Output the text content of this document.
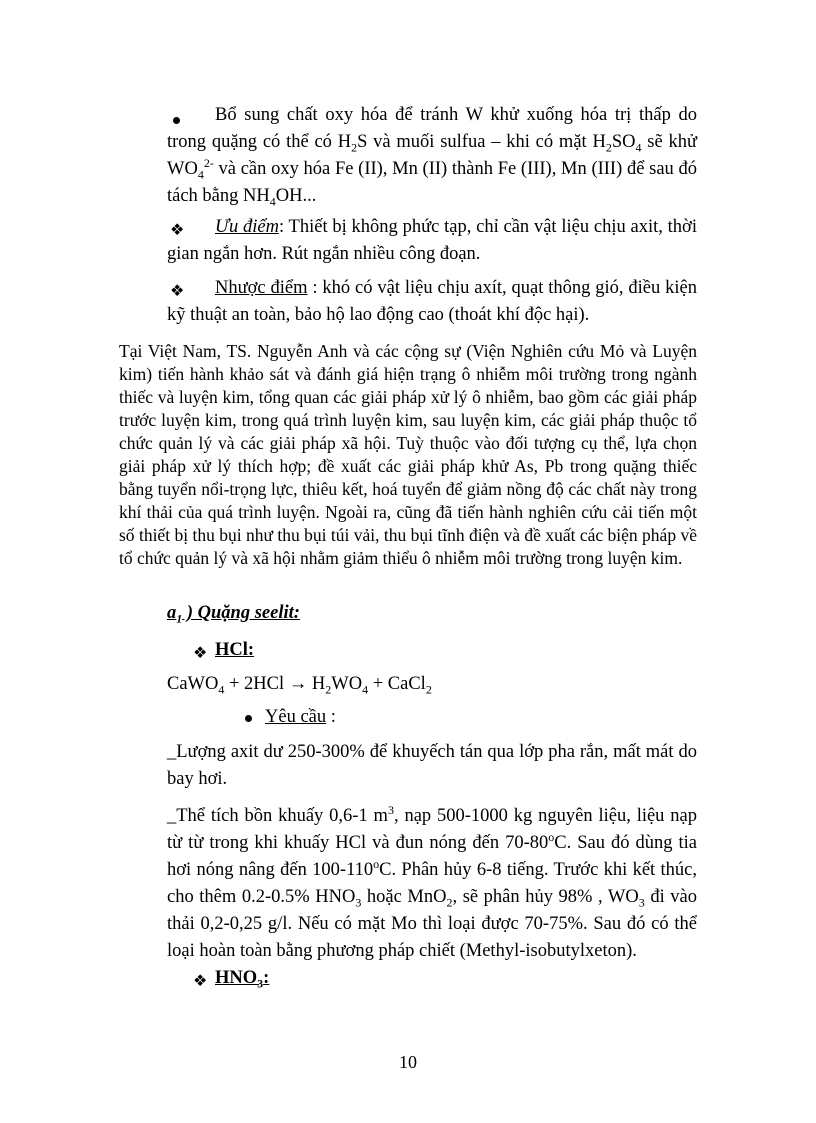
Bổ sung chất oxy hóa để tránh W khử xuống hóa trị thấp do trong quặng có thể có $H_2S$ và muối sulfua – khi có mặt $H_2SO_4$ sẽ khử $WO_4^{2-}$ và cần oxy hóa Fe (II), Mn (II) thành Fe (III), Mn (III) để sau đó tách bằng $NH_4OH$...
❖	Ưu điểm: Thiết bị không phức tạp, chỉ cần vật liệu chịu axit, thời gian ngắn hơn. Rút ngắn nhiều công đoạn.
❖	Nhược điểm : khó có vật liệu chịu axít, quạt thông gió, điều kiện kỹ thuật an toàn, bảo hộ lao động cao (thoát khí độc hại).
Tại Việt Nam, TS. Nguyễn Anh và các cộng sự (Viện Nghiên cứu Mỏ và Luyện kim) tiến hành khảo sát và đánh giá hiện trạng ô nhiễm môi trường trong ngành thiếc và luyện kim, tổng quan các giải pháp xử lý ô nhiễm, bao gồm các giải pháp trước luyện kim, trong quá trình luyện kim, sau luyện kim, các giải pháp thuộc tổ chức quản lý và các giải pháp xã hội. Tuỳ thuộc vào đối tượng cụ thể, lựa chọn giải pháp xử lý thích hợp; đề xuất các giải pháp khử As, Pb trong quặng thiếc bằng tuyển nổi-trọng lực, thiêu kết, hoá tuyển để giảm nồng độ các chất này trong khí thải của quá trình luyện. Ngoài ra, cũng đã tiến hành nghiên cứu cải tiến một số thiết bị thu bụi như thu bụi túi vải, thu bụi tĩnh điện và đề xuất các biện pháp về tổ chức quản lý và xã hội nhằm giảm thiểu ô nhiễm môi trường trong luyện kim.
$a_1$ ) Quặng seelit:
❖ HCl:
CaWO$_4$ + $2HCl \to H_2WO_4$ + CaCl$_2$
Yêu cầu :
_Lượng axit dư 250-300% để khuyếch tán qua lớp pha rắn, mất mát do bay hơi.
_Thể tích bồn khuấy 0,6-1 $m^3$, nạp 500-1000 kg nguyên liệu, liệu nạp từ từ trong khi khuấy HCl và đun nóng đến 70-80$^o$C. Sau đó dùng tia hơi nóng nâng đến 100-110$^o$C. Phân hủy 6-8 tiếng. Trước khi kết thúc, cho thêm 0.2-0.5% $HNO_3$ hoặc MnO$_2$, sẽ phân hủy 98% , $WO_3$ đi vào thải 0,2-0,25 g/l. Nếu có mặt Mo thì loại được 70-75%. Sau đó có thể loại hoàn toàn bằng phương pháp chiết (Methyl-isobutylxeton).
❖ $HNO_3$:
10
